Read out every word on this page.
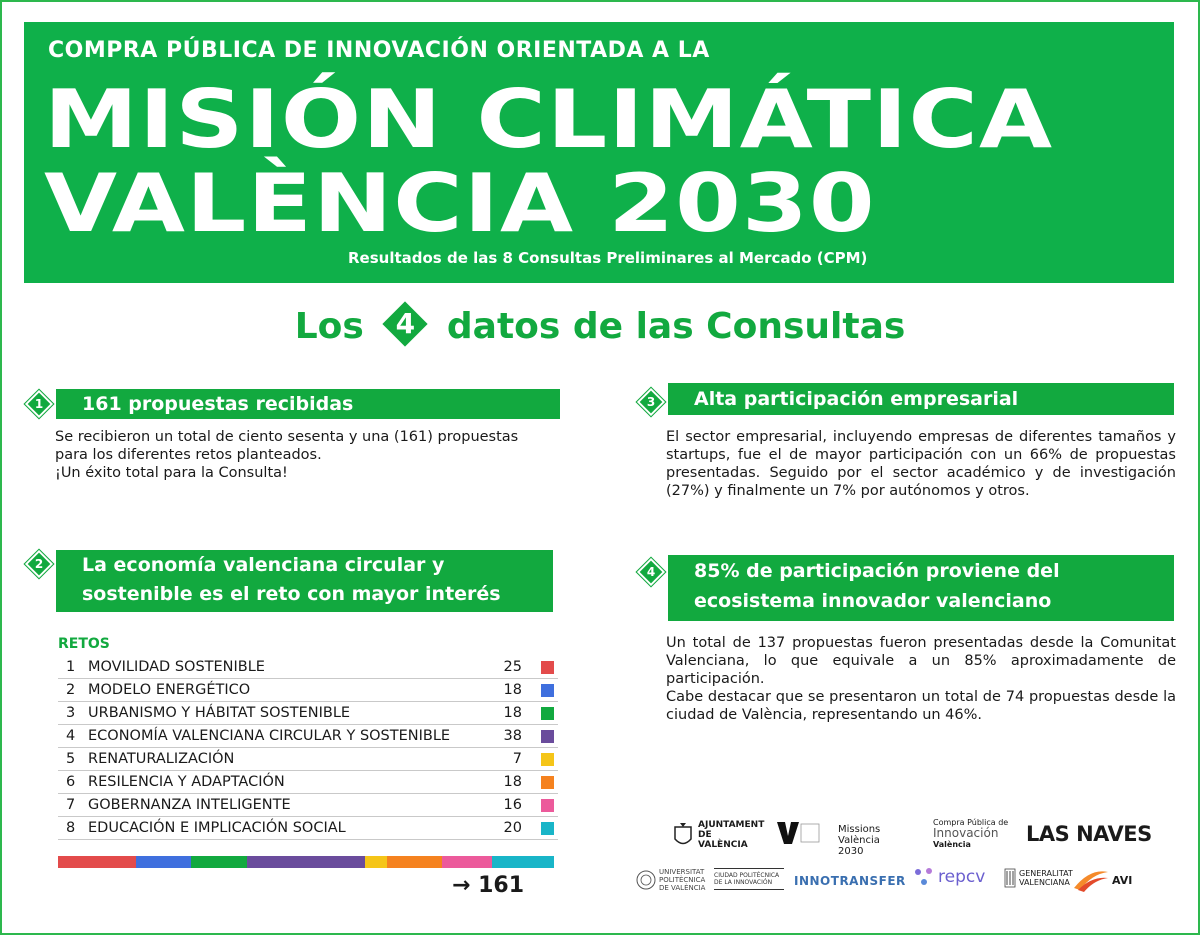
COMPRA PÚBLICA DE INNOVACIÓN ORIENTADA A LA
MISIÓN CLIMÁTICA
VALÈNCIA 2030
Resultados de las 8 Consultas Preliminares al Mercado (CPM)
Los	4 datos de las Consultas
161 propuestas recibidas
1

Se recibieron un total de ciento sesenta y una (161) propuestas

para los diferentes retos planteados.

¡Un éxito total para la Consulta!

La economía valenciana circular y
sostenible es el reto con mayor interés
2
RETOS
1 MOVILIDAD SOSTENIBLE	25
2 MODELO ENERGÉTICO	18
3 URBANISMO Y HÁBITAT SOSTENIBLE	18
4 ECONOMÍA VALENCIANA CIRCULAR Y SOSTENIBLE	38
5 RENATURALIZACIÓN	7
6 RESILENCIA Y ADAPTACIÓN	18
7 GOBERNANZA INTELIGENTE	16
8 EDUCACIÓN E IMPLICACIÓN SOCIAL	20
→ 161
Alta participación empresarial
3
El sector empresarial, incluyendo empresas de diferentes tamaños y startups, fue el de mayor participación con un 66% de propuestas presentadas. Seguido por el sector académico y de investigación (27%) y finalmente un 7% por autónomos y otros.
85% de participación proviene del
ecosistema innovador valenciano
4

Un total de 137 propuestas fueron presentadas desde la Comunitat Valenciana, lo que equivale a un 85% aproximadamente de participación.

Cabe destacar que se presentaron un total de 74 propuestas desde la ciudad de València, representando un 46%.

AJUNTAMENT DE VALÈNCIA
Missions València 2030
Compra Pública de
Innovación
València	LAS NAVES
UNIVERSITAT POLITÈCNICA DE VALÈNCIA
CIUDAD POLITÉCNICA DE LA INNOVACIÓN	INNOTRANSFER repcv	GENERALITAT VALENCIANA	AVI
